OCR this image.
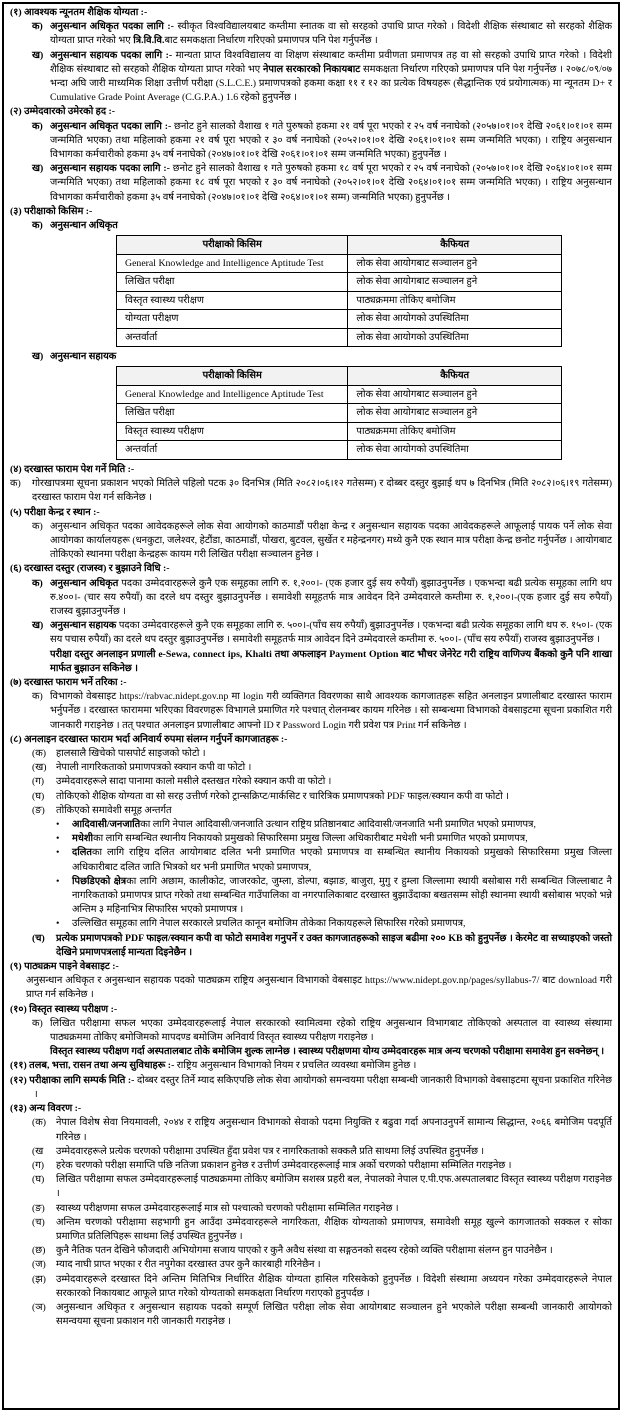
(१) आवश्यक न्यूनतम शैक्षिक योग्यता :-
क) अनुसन्धान अधिकृत पदका लागि :- स्वीकृत विश्वविद्यालयबाट कम्तीमा स्नातक वा सो सरहको उपाधि प्राप्त गरेको । विदेशी शैक्षिक संस्थाबाट सो सरहको शैक्षिक योग्यता प्राप्त गरेको भए त्रि.वि.वि.बाट समकक्षता निर्धारण गरिएको प्रमाणपत्र पनि पेश गर्नुपर्नेछ ।
ख) अनुसन्धान सहायक पदका लागि :- मान्यता प्राप्त विश्वविद्यालय वा शिक्षण संस्थाबाट कम्तीमा प्रवीणता प्रमाणपत्र तह वा सो सरहको उपाधि प्राप्त गरेको । विदेशी शैक्षिक संस्थाबाट सो सरहको शैक्षिक योग्यता प्राप्त गरेको भए नेपाल सरकारको निकायबाट समकक्षता निर्धारण गरिएको प्रमाणपत्र पनि पेश गर्नुपर्नेछ । २०७८/०९/०७ भन्दा अघि जारी माध्यमिक शिक्षा उत्तीर्ण परीक्षा (S.L.C.E.) प्रमाणपत्रको हकमा कक्षा ११ र १२ का प्रत्येक विषयहरू (सैद्धान्तिक एवं प्रयोगात्मक) मा न्यूनतम D+ र Cumulative Grade Point Average (C.G.P.A.) 1.6 रहेको हुनुपर्नेछ ।
(२) उम्मेदवारको उमेरको हद :-
क) अनुसन्धान अधिकृत पदका लागि :- छनोट हुने सालको वैशाख १ गते पुरुषको हकमा २१ वर्ष पूरा भएको र २५ वर्ष ननाघेको (२०५७।०१।०१ देखि २०६१।०१।०१ सम्म जन्ममिति भएका) तथा महिलाको हकमा २१ वर्ष पूरा भएको र ३० वर्ष ननाघेको (२०५२।०१।०१ देखि २०६१।०१।०१ सम्म जन्ममिति भएका) । राष्ट्रिय अनुसन्धान विभागका कर्मचारीको हकमा ३५ वर्ष ननाघेको (२०४७।०१।०१ देखि २०६१।०१।०१ सम्म जन्ममिति भएका) हुनुपर्नेछ ।
ख) अनुसन्धान सहायक पदका लागि :- छनोट हुने सालको वैशाख १ गते पुरुषको हकमा १८ वर्ष पूरा भएको र २५ वर्ष ननाघेको (२०५७।०१।०१ देखि २०६४।०१।०१ सम्म जन्ममिति भएका) तथा महिलाको हकमा १८ वर्ष पूरा भएको र ३० वर्ष ननाघेको (२०५२।०१।०१ देखि २०६४।०१।०१ सम्म जन्ममिति भएका) । राष्ट्रिय अनुसन्धान विभागका कर्मचारीको हकमा ३५ वर्ष ननाघेको (२०४७।०१।०१ देखि २०६४।०१।०१ सम्म) जन्ममिति भएका) हुनुपर्नेछ ।
(३) परीक्षाको किसिम :-
क) अनुसन्धान अधिकृत
परीक्षाको किसिम	कैफियत
General Knowledge and Intelligence Aptitude Test	लोक सेवा आयोगबाट सञ्चालन हुने
लिखित परीक्षा	लोक सेवा आयोगबाट सञ्चालन हुने
विस्तृत स्वास्थ्य परीक्षण	पाठ्यक्रममा तोकिए बमोजिम
योग्यता परीक्षण	लोक सेवा आयोगको उपस्थितिमा
अन्तर्वार्ता	लोक सेवा आयोगको उपस्थितिमा
ख) अनुसन्धान सहायक
परीक्षाको किसिम	कैफियत
General Knowledge and Intelligence Aptitude Test	लोक सेवा आयोगबाट सञ्चालन हुने
लिखित परीक्षा	लोक सेवा आयोगबाट सञ्चालन हुने
विस्तृत स्वास्थ्य परीक्षण	पाठ्यक्रममा तोकिए बमोजिम
अन्तर्वार्ता	लोक सेवा आयोगको उपस्थितिमा
(४) दरखास्त फाराम पेश गर्ने मिति :-
क) गोरखापत्रमा सूचना प्रकाशन भएको मितिले पहिलो पटक ३० दिनभित्र (मिति २०८२।०६।१२ गतेसम्म) र दोब्बर दस्तुर बुझाई थप ७ दिनभित्र (मिति २०८२।०६।१९ गतेसम्म) दरखास्त फाराम पेश गर्न सकिनेछ ।
(५) परीक्षा केन्द्र र स्थान :-
क) अनुसन्धान अधिकृत पदका आवेदकहरूले लोक सेवा आयोगको काठमाडौं परीक्षा केन्द्र र अनुसन्धान सहायक पदका आवेदकहरूले आफूलाई पायक पर्ने लोक सेवा आयोगका कार्यालयहरू (धनकुटा, जलेश्वर, हेटौंडा, काठमाडौं, पोखरा, बुटवल, सुर्खेत र महेन्द्रनगर) मध्ये कुनै एक स्थान मात्र परीक्षा केन्द्र छनोट गर्नुपर्नेछ । आयोगबाट तोकिएको स्थानमा परीक्षा केन्द्रहरू कायम गरी लिखित परीक्षा सञ्चालन हुनेछ ।
(६) दरखास्त दस्तुर (राजस्व) र बुझाउने विधि :-
क) अनुसन्धान अधिकृत पदका उम्मेदवारहरूले कुनै एक समूहका लागि रु. १,२००।- (एक हजार दुई सय रुपैयाँ) बुझाउनुपर्नेछ । एकभन्दा बढी प्रत्येक समूहका लागि थप रु.४००।- (चार सय रुपैयाँ) का दरले थप दस्तुर बुझाउनुपर्नेछ । समावेशी समूहतर्फ मात्र आवेदन दिने उम्मेदवारले कम्तीमा रु. १,२००।-(एक हजार दुई सय रुपैयाँ) राजस्व बुझाउनुपर्नेछ ।
ख) अनुसन्धान सहायक पदका उम्मेदवारहरूले कुनै एक समूहका लागि रु. ५००।-(पाँच सय रुपैयाँ) बुझाउनुपर्नेछ । एकभन्दा बढी प्रत्येक समूहका लागि थप रु. १५०।- (एक सय पचास रुपैयाँ) का दरले थप दस्तुर बुझाउनुपर्नेछ । समावेशी समूहतर्फ मात्र आवेदन दिने उम्मेदवारले कम्तीमा रु. ५००।- (पाँच सय रुपैयाँ) राजस्व बुझाउनुपर्नेछ ।
परीक्षा दस्तुर अनलाइन प्रणाली e-Sewa, connect ips, Khalti तथा अफलाइन Payment Option बाट भौचर जेनेरेट गरी राष्ट्रिय वाणिज्य बैंकको कुनै पनि शाखा मार्फत बुझाउन सकिनेछ ।
(७) दरखास्त फाराम भर्ने तरिका :-
क) विभागको वेबसाइट https://rabvac.nidept.gov.np मा login गरी व्यक्तिगत विवरणका साथै आवश्यक कागजातहरू सहित अनलाइन प्रणालीबाट दरखास्त फाराम भर्नुपर्नेछ । दरखास्त फाराममा भरिएका विवरणहरू विभागले प्रमाणित गरे पश्चात् रोलनम्बर कायम गरिनेछ । सो सम्बन्धमा विभागको वेबसाइटमा सूचना प्रकाशित गरी जानकारी गराइनेछ । तत् पश्चात अनलाइन प्रणालीबाट आफ्नो ID र Password Login गरी प्रवेश पत्र Print गर्न सकिनेछ ।
(८) अनलाइन दरखास्त फाराम भर्दा अनिवार्य रुपमा संलग्न गर्नुपर्ने कागजातहरू :-
(क) हालसालै खिचेको पासपोर्ट साइजको फोटो ।
(ख) नेपाली नागरिकताको प्रमाणपत्रको स्क्यान कपी वा फोटो ।
(ग) उम्मेदवारहरूले सादा पानामा कालो मसीले दस्तखत गरेको स्क्यान कपी वा फोटो ।
(घ) तोकिएको शैक्षिक योग्यता वा सो सरह उत्तीर्ण गरेको ट्रान्सक्रिप्ट/मार्कसिट र चारित्रिक प्रमाणपत्रको PDF फाइल/स्क्यान कपी वा फोटो ।
(ङ) तोकिएको समावेशी समूह अन्तर्गत
• आदिवासी/जनजातिका लागि नेपाल आदिवासी/जनजाति उत्थान राष्ट्रिय प्रतिष्ठानबाट आदिवासी/जनजाति भनी प्रमाणित भएको प्रमाणपत्र,
• मधेशीका लागि सम्बन्धित स्थानीय निकायको प्रमुखको सिफारिसमा प्रमुख जिल्ला अधिकारीबाट मधेशी भनी प्रमाणित भएको प्रमाणपत्र,
• दलितका लागि राष्ट्रिय दलित आयोगबाट दलित भनी प्रमाणित भएको प्रमाणपत्र वा सम्बन्धित स्थानीय निकायको प्रमुखको सिफारिसमा प्रमुख जिल्ला अधिकारीबाट दलित जाति भित्रको थर भनी प्रमाणित भएको प्रमाणपत्र,
• पिछडिएको क्षेत्रका लागि अछाम, कालीकोट, जाजरकोट, जुम्ला, डोल्पा, बझाङ, बाजुरा, मुगु र हुम्ला जिल्लामा स्थायी बसोबास गरी सम्बन्धित जिल्लाबाट नै नागरिकताको प्रमाणपत्र प्राप्त गरेको तथा सम्बन्धित गाउँपालिका वा नगरपालिकाबाट दरखास्त बुझाउँदाका बखतसम्म सोही स्थानमा स्थायी बसोबास भएको भन्ने अन्तिम ३ महिनाभित्र सिफारिस भएको प्रमाणपत्र ।
• उल्लिखित समूहका लागि नेपाल सरकारले प्रचलित कानून बमोजिम तोकेका निकायहरूले सिफारिस गरेको प्रमाणपत्र,
(च) प्रत्येक प्रमाणपत्रको PDF फाइल/स्क्यान कपी वा फोटो समावेश गनुपर्ने र उक्त कागजातहरूको साइज बढीमा २०० KB को हुनुपर्नेछ । केरमेट वा सच्याइएको जस्तो देखिने प्रमाणपत्रलाई मान्यता दिइनेछैन ।
(९) पाठ्यक्रम पाइने वेबसाइट :-
अनुसन्धान अधिकृत र अनुसन्धान सहायक पदको पाठ्यक्रम राष्ट्रिय अनुसन्धान विभागको वेबसाइट https://www.nidept.gov.np/pages/syllabus-7/ बाट download गरी प्राप्त गर्न सकिनेछ ।
(१०) विस्तृत स्वास्थ्य परीक्षण :-
क) लिखित परीक्षामा सफल भएका उम्मेदवारहरूलाई नेपाल सरकारको स्वामित्वमा रहेको राष्ट्रिय अनुसन्धान विभागबाट तोकिएको अस्पताल वा स्वास्थ्य संस्थामा पाठ्यक्रममा तोकिए बमोजिमको मापदण्ड बमोजिम अनिवार्य विस्तृत स्वास्थ्य परीक्षण गराइनेछ ।
विस्तृत स्वास्थ्य परीक्षण गर्दा अस्पतालबाट तोके बमोजिम शुल्क लाग्नेछ । स्वास्थ्य परीक्षणमा योग्य उम्मेदवारहरू मात्र अन्य चरणको परीक्षामा समावेश हुन सक्नेछन् ।
(११) तलब, भत्ता, रासन तथा अन्य सुविधाहरू :- राष्ट्रिय अनुसन्धान विभागको नियम र प्रचलित व्यवस्था बमोजिम हुनेछ ।
(१२) परीक्षाका लागि सम्पर्क मिति :- दोब्बर दस्तुर तिर्ने म्याद सकिएपछि लोक सेवा आयोगको समन्वयमा परीक्षा सम्बन्धी जानकारी विभागको वेबसाइटमा सूचना प्रकाशित गरिनेछ ।
(१३) अन्य विवरण :-
(क) नेपाल विशेष सेवा नियमावली, २०४४ र राष्ट्रिय अनुसन्धान विभागको सेवाको पदमा नियुक्ति र बढुवा गर्दा अपनाउनुपर्ने सामान्य सिद्धान्त, २०६६ बमोजिम पदपूर्ति गरिनेछ ।
(ख उम्मेदवारहरूले प्रत्येक चरणको परीक्षामा उपस्थित हुँदा प्रवेश पत्र र नागरिकताको सक्कलै प्रति साथमा लिई उपस्थित हुनुपर्नेछ ।
(ग) हरेक चरणको परीक्षा समाप्ति पछि नतिजा प्रकाशन हुनेछ र उत्तीर्ण उम्मेदवारहरूलाई मात्र अर्को चरणको परीक्षामा सम्मिलित गराइनेछ ।
(घ) लिखित परीक्षामा सफल उम्मेदवारहरूलाई पाठ्यक्रममा तोकिए बमोजिम सशस्त्र प्रहरी बल, नेपालको नेपाल ए.पी.एफ.अस्पतालबाट विस्तृत स्वास्थ्य परीक्षण गराइनेछ ।
(ङ) स्वास्थ्य परीक्षणमा सफल उम्मेदवारहरूलाई मात्र सो पश्चात्को चरणको परीक्षामा सम्मिलित गराइनेछ ।
(च) अन्तिम चरणको परीक्षामा सहभागी हुन आउँदा उम्मेदवारहरूले नागरिकता, शैक्षिक योग्यताको प्रमाणपत्र, समावेशी समूह खुल्ने कागजातको सक्कल र सोका प्रमाणित प्रतिलिपिहरू साथमा लिई उपस्थित हुनुपर्नेछ ।
(छ) कुनै नैतिक पतन देखिने फौजदारी अभियोगमा सजाय पाएको र कुनै अवैध संस्था वा सङ्गठनको सदस्य रहेको व्यक्ति परीक्षामा संलग्न हुन पाउनेछैन ।
(ज) म्याद नाघी प्राप्त भएका र रीत नपुगेका दरखास्त उपर कुनै कारबाही गरिनेछैन ।
(झ) उम्मेदवारहरूले दरखास्त दिने अन्तिम मितिभित्र निर्धारित शैक्षिक योग्यता हासिल गरिसकेको हुनुपर्नेछ । विदेशी संस्थामा अध्ययन गरेका उम्मेदवारहरूले नेपाल सरकारको निकायबाट आफूले प्राप्त गरेको योग्यताको समकक्षता निर्धारण गराएको हुनुपर्दछ ।
(ञ) अनुसन्धान अधिकृत र अनुसन्धान सहायक पदको सम्पूर्ण लिखित परीक्षा लोक सेवा आयोगबाट सञ्चालन हुने भएकोले परीक्षा सम्बन्धी जानकारी आयोगको समन्वयमा सूचना प्रकाशन गरी जानकारी गराइनेछ ।
